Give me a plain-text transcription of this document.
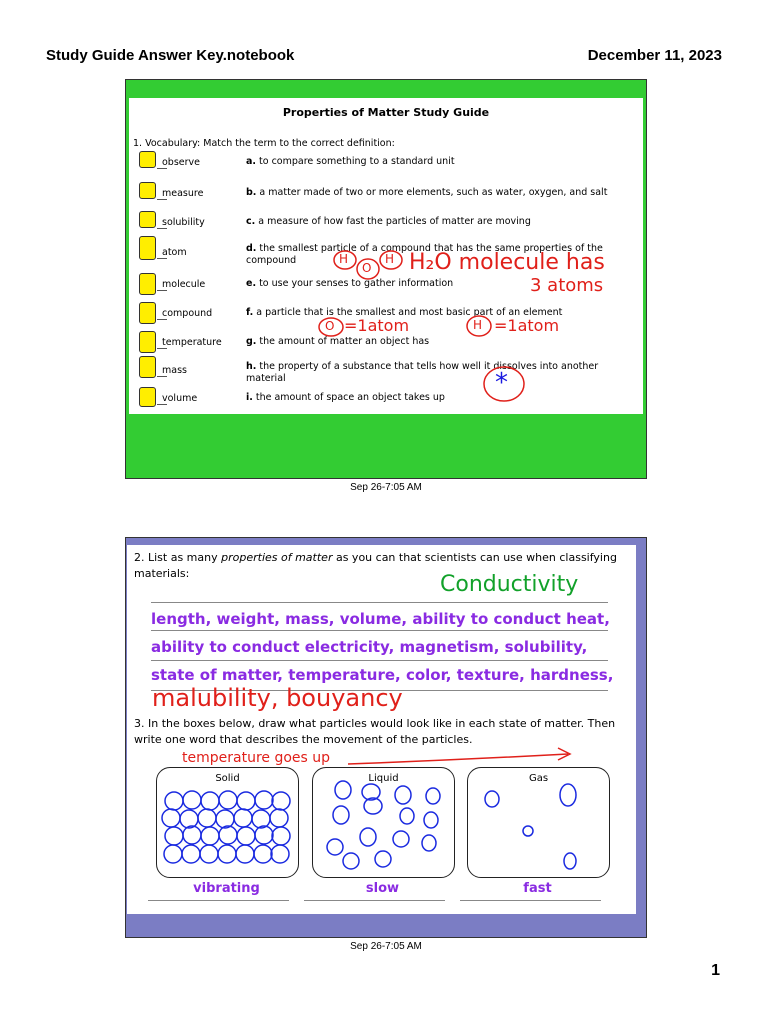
Study Guide Answer Key.notebook	December 11, 2023
Properties of Matter Study Guide
1. Vocabulary: Match the term to the correct definition:
observe	a. to compare something to a standard unit
measure	b. a matter made of two or more elements, such as water, oxygen, and salt
solubility	c. a measure of how fast the particles of matter are moving
atom	d. the smallest particle of a compound that has the same properties of the compound
molecule	e. to use your senses to gather information
compound	f. a particle that is the smallest and most basic part of an element
temperature	g. the amount of matter an object has
mass	h. the property of a substance that tells how well it dissolves into another material
volume	i. the amount of space an object takes up
H
O
H H₂O molecule has
3 atoms
O =1atom	H =1atom
*
Sep 26-7:05 AM
2. List as many properties of matter as you can that scientists can use when classifying materials:	Conductivity
length, weight, mass, volume, ability to conduct heat,
ability to conduct electricity, magnetism, solubility,
state of matter, temperature, color, texture, hardness,
malubility, bouyancy
3. In the boxes below, draw what particles would look like in each state of matter. Then write one word that describes the movement of the particles.
temperature goes up
Solid	Liquid	Gas
vibrating	slow	fast
Sep 26-7:05 AM
1
